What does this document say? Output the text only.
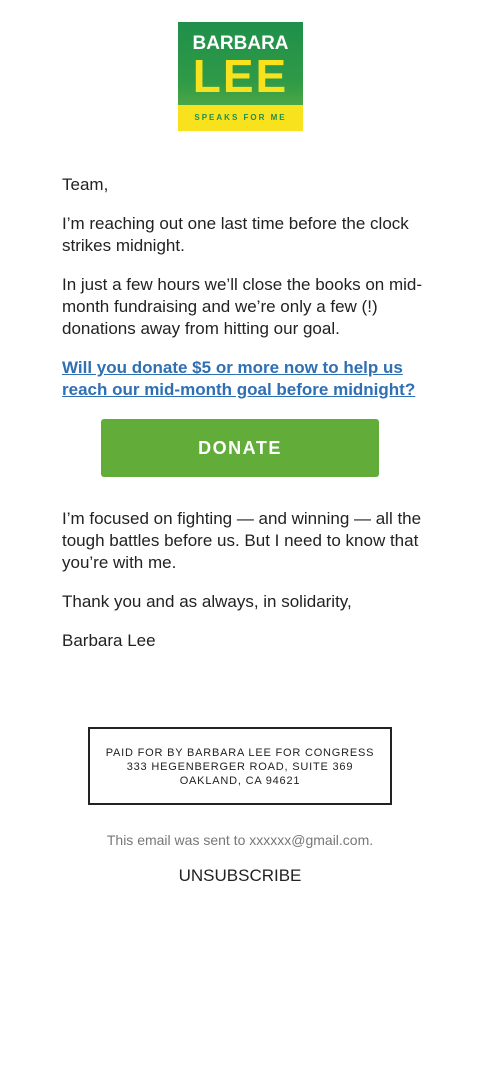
BARBARA
LEE
SPEAKS FOR ME

Team,

I’m reaching out one last time before the clock strikes midnight.

In just a few hours we’ll close the books on mid-month fundraising and we’re only a few (!) donations away from hitting our goal.

Will you donate $5 or more now to help us reach our mid-month goal before midnight?

DONATE

I’m focused on fighting — and winning — all the tough battles before us. But I need to know that you’re with me.

Thank you and as always, in solidarity,

Barbara Lee

PAID FOR BY BARBARA LEE FOR CONGRESS
333 HEGENBERGER ROAD, SUITE 369
OAKLAND, CA 94621
This email was sent to xxxxxx@gmail.com.
UNSUBSCRIBE
